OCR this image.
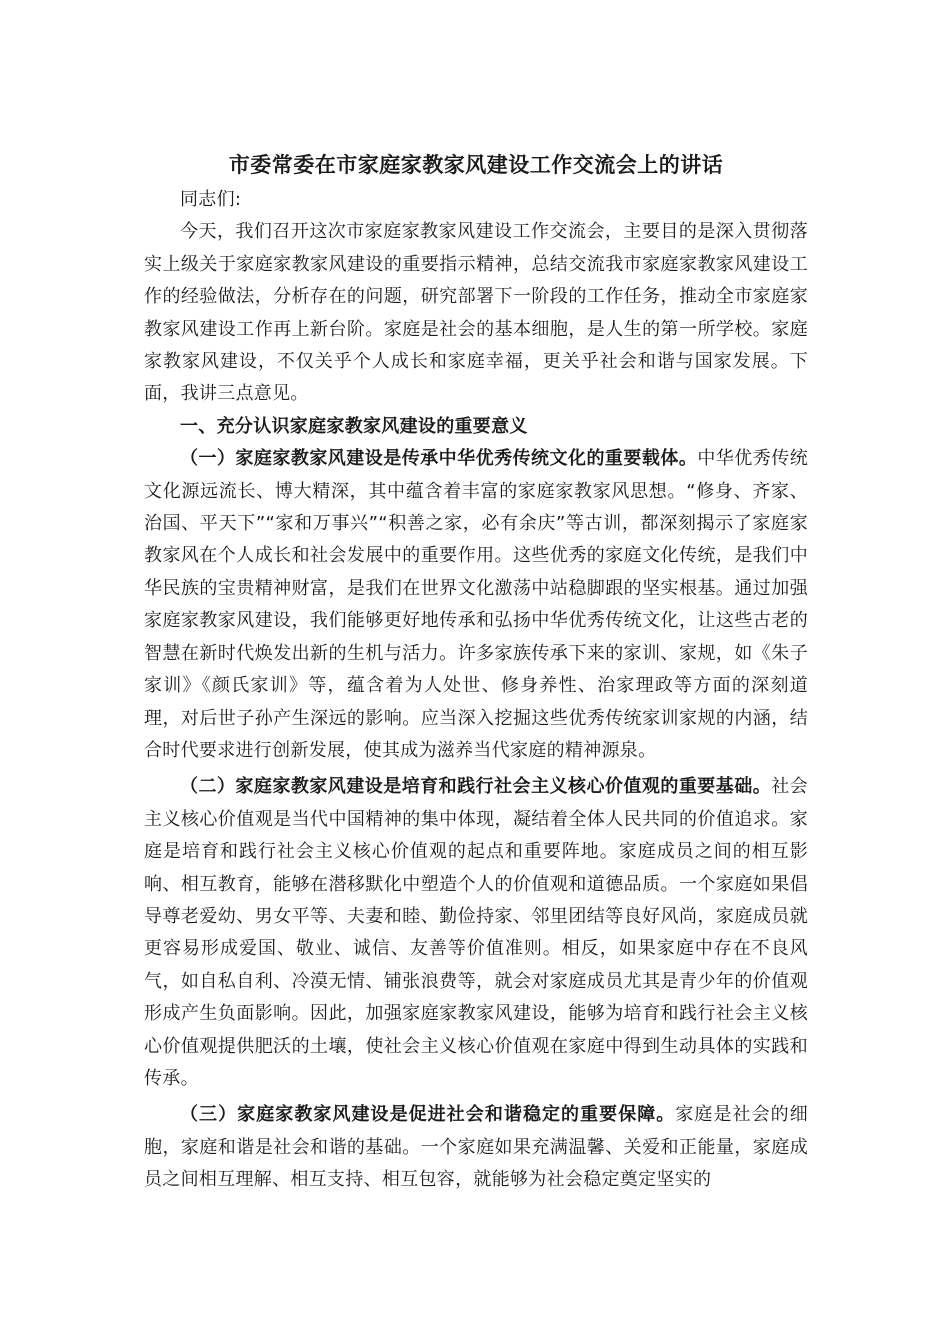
市委常委在市家庭家教家风建设工作交流会上的讲话

同志们:

今天，我们召开这次市家庭家教家风建设工作交流会，主要目的是深入贯彻落实上级关于家庭家教家风建设的重要指示精神，总结交流我市家庭家教家风建设工作的经验做法，分析存在的问题，研究部署下一阶段的工作任务，推动全市家庭家教家风建设工作再上新台阶。家庭是社会的基本细胞，是人生的第一所学校。家庭家教家风建设，不仅关乎个人成长和家庭幸福，更关乎社会和谐与国家发展。下面，我讲三点意见。

一、充分认识家庭家教家风建设的重要意义

（一）家庭家教家风建设是传承中华优秀传统文化的重要载体。中华优秀传统文化源远流长、博大精深，其中蕴含着丰富的家庭家教家风思想。“修身、齐家、治国、平天下”“家和万事兴”“积善之家，必有余庆”等古训，都深刻揭示了家庭家教家风在个人成长和社会发展中的重要作用。这些优秀的家庭文化传统，是我们中华民族的宝贵精神财富，是我们在世界文化激荡中站稳脚跟的坚实根基。通过加强家庭家教家风建设，我们能够更好地传承和弘扬中华优秀传统文化，让这些古老的智慧在新时代焕发出新的生机与活力。许多家族传承下来的家训、家规，如《朱子家训》《颜氏家训》等，蕴含着为人处世、修身养性、治家理政等方面的深刻道理，对后世子孙产生深远的影响。应当深入挖掘这些优秀传统家训家规的内涵，结合时代要求进行创新发展，使其成为滋养当代家庭的精神源泉。

（二）家庭家教家风建设是培育和践行社会主义核心价值观的重要基础。社会主义核心价值观是当代中国精神的集中体现，凝结着全体人民共同的价值追求。家庭是培育和践行社会主义核心价值观的起点和重要阵地。家庭成员之间的相互影响、相互教育，能够在潜移默化中塑造个人的价值观和道德品质。一个家庭如果倡导尊老爱幼、男女平等、夫妻和睦、勤俭持家、邻里团结等良好风尚，家庭成员就更容易形成爱国、敬业、诚信、友善等价值准则。相反，如果家庭中存在不良风气，如自私自利、冷漠无情、铺张浪费等，就会对家庭成员尤其是青少年的价值观形成产生负面影响。因此，加强家庭家教家风建设，能够为培育和践行社会主义核心价值观提供肥沃的土壤，使社会主义核心价值观在家庭中得到生动具体的实践和传承。

（三）家庭家教家风建设是促进社会和谐稳定的重要保障。家庭是社会的细胞，家庭和谐是社会和谐的基础。一个家庭如果充满温馨、关爱和正能量，家庭成员之间相互理解、相互支持、相互包容，就能够为社会稳定奠定坚实的
